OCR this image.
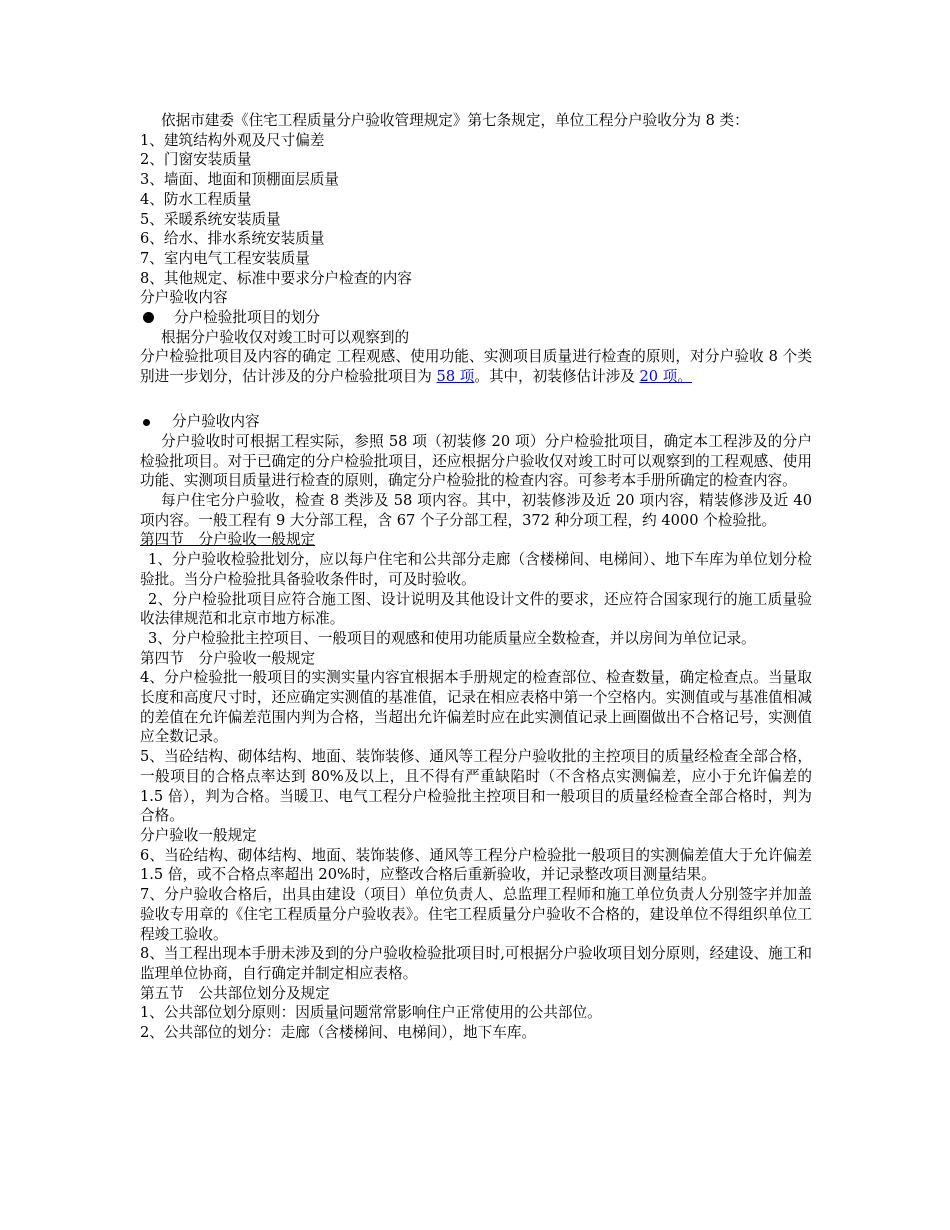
依据市建委《住宅工程质量分户验收管理规定》第七条规定，单位工程分户验收分为 8 类：

1、建筑结构外观及尺寸偏差

2、门窗安装质量

3、墙面、地面和顶棚面层质量

4、防水工程质量

5、采暖系统安装质量

6、给水、排水系统安装质量

7、室内电气工程安装质量

8、其他规定、标准中要求分户检查的内容

分户验收内容

分户检验批项目的划分

根据分户验收仅对竣工时可以观察到的

分户检验批项目及内容的确定 工程观感、使用功能、实测项目质量进行检查的原则，对分户验收 8 个类别进一步划分，估计涉及的分户检验批项目为 58 项。其中，初装修估计涉及 20 项。

分户验收内容

分户验收时可根据工程实际，参照 58 项（初装修 20 项）分户检验批项目，确定本工程涉及的分户检验批项目。对于已确定的分户检验批项目，还应根据分户验收仅对竣工时可以观察到的工程观感、使用功能、实测项目质量进行检查的原则，确定分户检验批的检查内容。可参考本手册所确定的检查内容。

每户住宅分户验收，检查 8 类涉及 58 项内容。其中，初装修涉及近 20 项内容，精装修涉及近 40 项内容。一般工程有 9 大分部工程，含 67 个子分部工程，372 种分项工程，约 4000 个检验批。

第四节　分户验收一般规定

1、分户验收检验批划分，应以每户住宅和公共部分走廊（含楼梯间、电梯间）、地下车库为单位划分检验批。当分户检验批具备验收条件时，可及时验收。

2、分户检验批项目应符合施工图、设计说明及其他设计文件的要求，还应符合国家现行的施工质量验收法律规范和北京市地方标准。

3、分户检验批主控项目、一般项目的观感和使用功能质量应全数检查，并以房间为单位记录。

第四节　分户验收一般规定

4、分户检验批一般项目的实测实量内容宜根据本手册规定的检查部位、检查数量，确定检查点。当量取长度和高度尺寸时，还应确定实测值的基准值，记录在相应表格中第一个空格内。实测值或与基准值相减的差值在允许偏差范围内判为合格，当超出允许偏差时应在此实测值记录上画圈做出不合格记号，实测值应全数记录。

5、当砼结构、砌体结构、地面、装饰装修、通风等工程分户验收批的主控项目的质量经检查全部合格，一般项目的合格点率达到 80%及以上，且不得有严重缺陷时（不含格点实测偏差，应小于允许偏差的 1.5 倍），判为合格。当暖卫、电气工程分户检验批主控项目和一般项目的质量经检查全部合格时，判为合格。

分户验收一般规定

6、当砼结构、砌体结构、地面、装饰装修、通风等工程分户检验批一般项目的实测偏差值大于允许偏差 1.5 倍，或不合格点率超出 20%时，应整改合格后重新验收，并记录整改项目测量结果。

7、分户验收合格后，出具由建设（项目）单位负责人、总监理工程师和施工单位负责人分别签字并加盖验收专用章的《住宅工程质量分户验收表》。住宅工程质量分户验收不合格的，建设单位不得组织单位工程竣工验收。

8、当工程出现本手册未涉及到的分户验收检验批项目时,可根据分户验收项目划分原则，经建设、施工和监理单位协商，自行确定并制定相应表格。

第五节　公共部位划分及规定

1、公共部位划分原则：因质量问题常常影响住户正常使用的公共部位。

2、公共部位的划分：走廊（含楼梯间、电梯间），地下车库。
